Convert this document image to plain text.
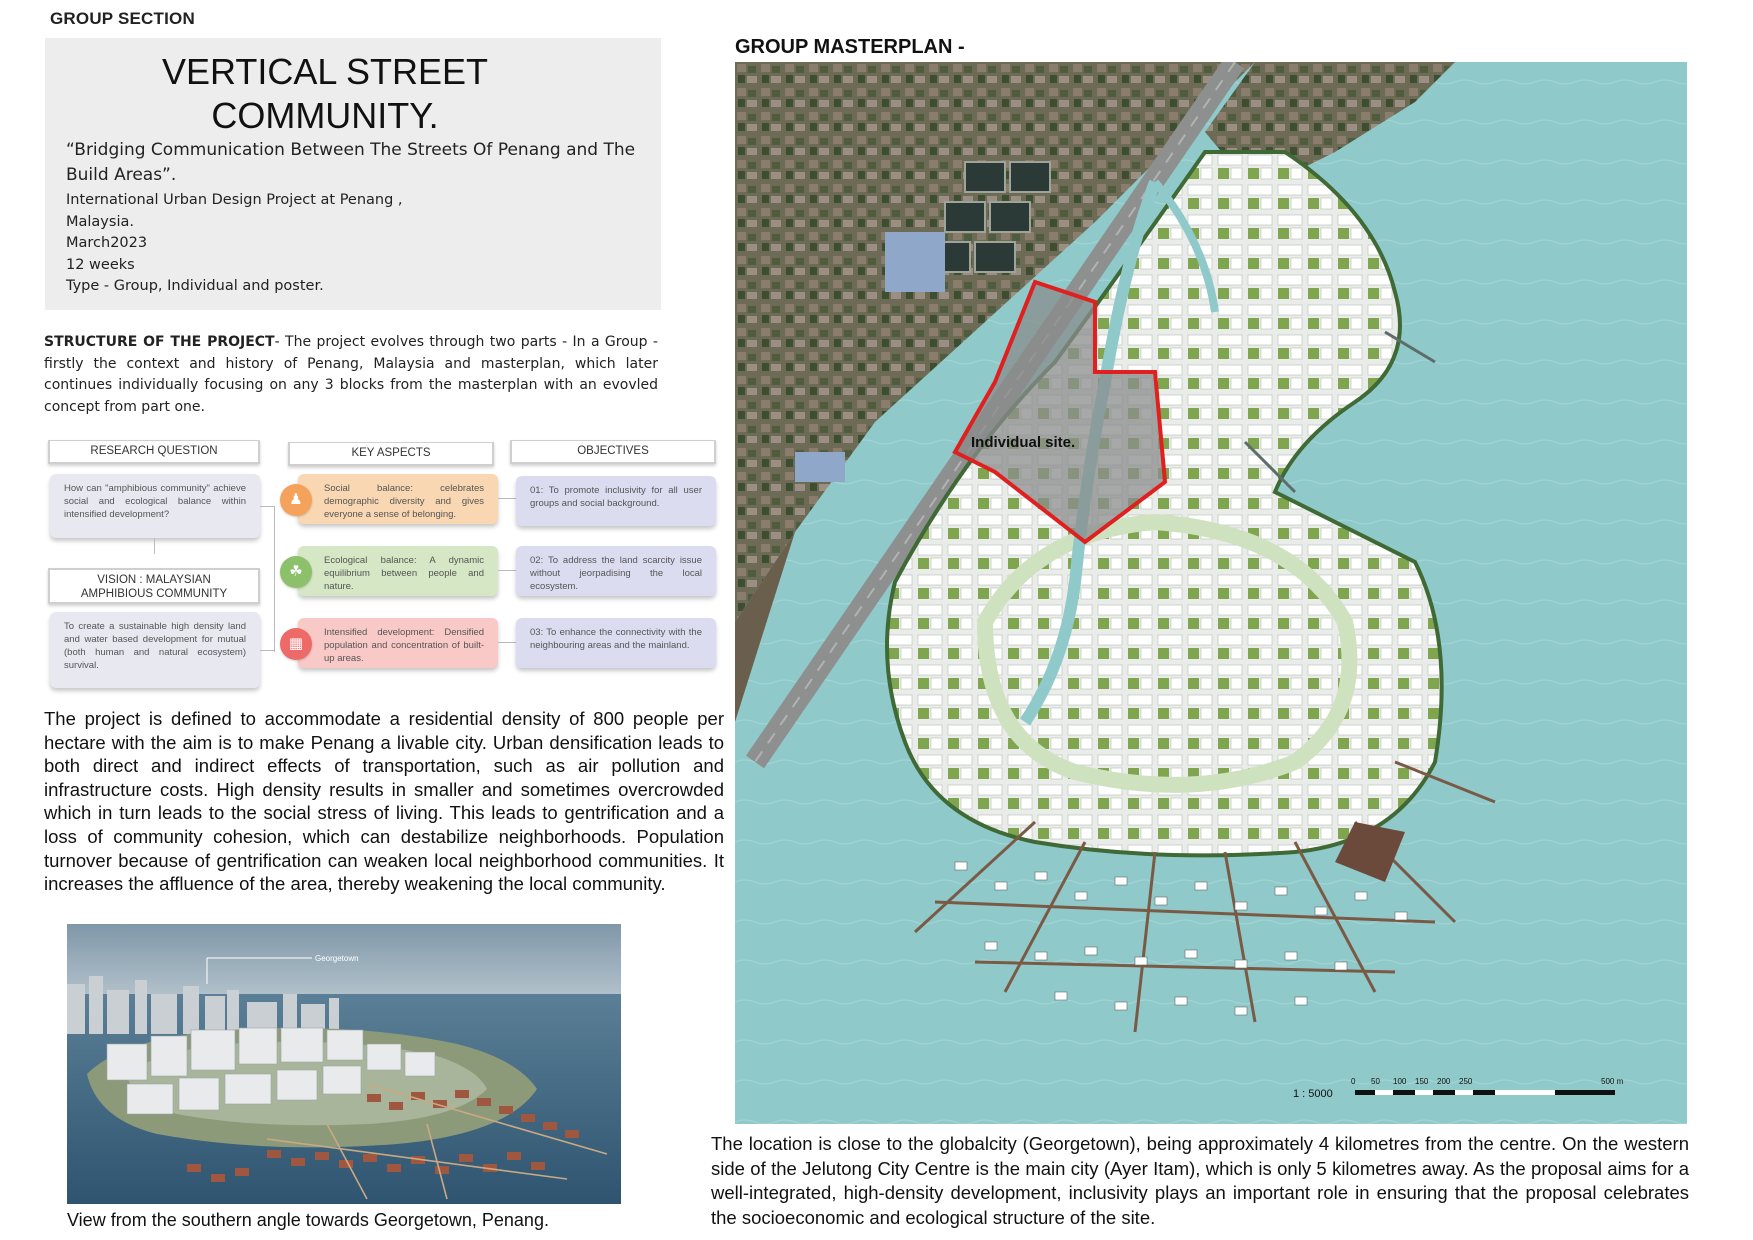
GROUP SECTION
VERTICAL STREET
COMMUNITY.
“Bridging Communication Between The Streets Of Penang and The
Build Areas”.
International Urban Design Project at Penang ,
Malaysia.
March2023
12 weeks
Type - Group, Individual and poster.
STRUCTURE OF THE PROJECT- The project evolves through two parts - In a Group - firstly the context and history of Penang, Malaysia and masterplan, which later continues individually focusing on any 3 blocks from the masterplan with an evovled concept from part one.
RESEARCH QUESTION
How can "amphibious community" achieve social and ecological balance within intensified development?
VISION : MALAYSIAN
AMPHIBIOUS COMMUNITY
To create a sustainable high density land and water based development for mutual (both human and natural ecosystem) survival.
KEY ASPECTS
Social balance: celebrates demographic diversity and gives everyone a sense of belonging.
♟
Ecological balance: A dynamic equilibrium between people and nature.
☘
Intensified development: Densified population and concentration of built-up areas.
▦
OBJECTIVES
01: To promote inclusivity for all user groups and social background.
02: To address the land scarcity issue without jeorpadising the local ecosystem.
03: To enhance the connectivity with the neighbouring areas and the mainland.
The project is defined to accommodate a residential density of 800 people per hectare with the aim is to make Penang a livable city. Urban densification leads to both direct and indirect effects of transportation, such as air pollution and infrastructure costs. High density results in smaller and sometimes overcrowded which in turn leads to the social stress of living. This leads to gentrification and a loss of community cohesion, which can destabilize neighborhoods. Population turnover because of gentrification can weaken local neighborhood communities. It increases the affluence of the area, thereby weakening the local community.
Georgetown
View from the southern angle towards Georgetown, Penang.
GROUP MASTERPLAN -
Individual site.
1 : 5000
0 50 100 150 200 250	500 m
The location is close to the globalcity (Georgetown), being approximately 4 kilometres from the centre. On the western side of the Jelutong City Centre is the main city (Ayer Itam), which is only 5 kilometres away. As the proposal aims for a well-integrated, high-density development, inclusivity plays an important role in ensuring that the proposal celebrates the socioeconomic and ecological structure of the site.
